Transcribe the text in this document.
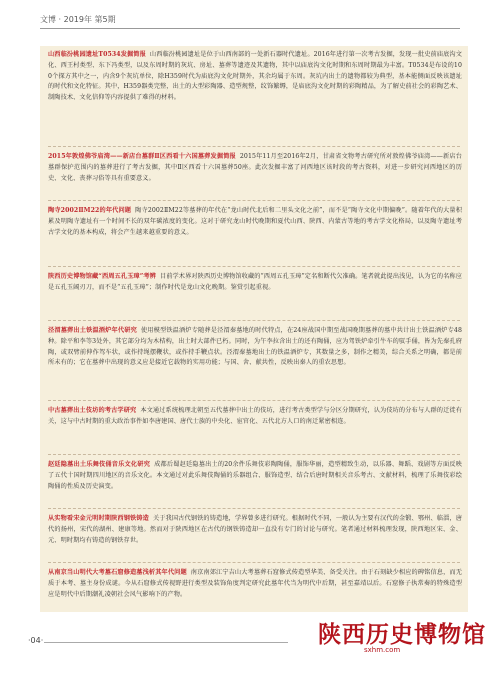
文博 · 2019年 第5期
山西临汾桃园遗址T0534发掘简报 山西临汾桃园遗址是位于山西南部的一处新石器时代遗址。2016年进行第一次考古发掘，发现一批史前庙底沟文化、西王村类型、东下冯类型，以及东周时期的灰坑、房址、墓葬等遗迹及其遗物，其中以庙底沟文化时期和东周时期最为丰富。T0534是布设的100个探方其中之一，内含9个灰坑单位，除H359时代为庙底沟文化时期外，其余均属于东周。灰坑内出土的遗物都较为典型，基本能侧面反映该遗址的时代和文化特征。其中，H359器类完整，出土的大型彩陶器、造型规整，纹饰繁缛，是庙底沟文化时期的彩陶精品，为了解史前社会的彩陶艺术、制陶技术、文化信仰等内容提供了难得的材料。
2015年敦煌佛爷庙湾——新店台墓群Ⅱ区西看十六国墓葬发掘简报 2015年11月至2016年2月，甘肃省文物考古研究所对敦煌佛爷庙湾——新店台墓群保护范围内的墓葬进行了考古发掘，其中Ⅱ区西看十六国墓葬50座。此次发掘丰富了河西地区该时段的考古资料，对进一步研究河西地区的历史、文化、丧葬习俗等具有重要意义。
陶寺2002ⅡM22的年代问题 陶寺2002ⅡM22等墓葬的年代在“龙山时代北后和二里头文化之前”，而不是“陶寺文化中期偏晚”。随着年代的大量积累及明陶寺遗址有一个时间不长的双年碳浓度的变化。这对于研究龙山时代晚期和夏代山西、陕西、内蒙古等地的考古学文化格局，以及陶寺遗址考古学文化的基本构成，将会产生越来越重要的意义。
陕西历史博物馆藏“西周五孔玉璋”考辨 目前学术界对陕西历史博物馆收藏的“西周五孔玉璋”定名和断代欠准确。笔者就此提出浅见，认为它的名称应是五孔玉阔刃刀，而不是“五孔玉璋”；制作时代是龙山文化晚期。鉴赏引起重视。
泾渭墓葬出土铁温酒炉年代研究 使用模型铁温酒炉专随葬是泾渭秦墓地的时代特点，在24座战国中期至战国晚期墓葬的墓中共计出土铁温酒炉专48种。除平和李等3处外，其它部分均为木桔构，出土时大部件已朽。同时，为午李拉含出土的还有陶俑，应为驾铁炉牵引牛车的驭手俑，皆为先秦孔府陶，或双臂前伸作驾车状，或作持绳摆鞭状，或作持手鞭点状。泾渭秦墓地出土的铁温酒炉专，其数量之多，制作之精美，综合关系之明确，都是前所未有的；它在墓葬中出现的意义应是接近它载物的实用功能；与国、舍、献共性，反映出秦人的重农思想。
中古墓葬出土伎坊的考古学研究 本文通过系统梳理北朝至五代墓葬中出土的伎坊，进行考古类型学与分区分期研究，认为伎坊的分布与人群的迁徙有关，这与中古时期的重大政治事件如李唐建国、唐代士族的中央化、宦官化、五代北方人口的南迁紧密相连。
赵廷隐墓出土乐舞伎俑音乐文化研究 成都后蜀赵廷隐墓出土的20余件乐舞伎彩陶陶俑，服饰华丽，造型精致生动，以乐器、舞蹈、戏剧等方面反映了五代十国时期四川地区的音乐文化。本文通过对此乐舞伎陶俑的乐器组合、服饰造型、结合后唐时期相关音乐考古、文献材料，梳理了乐舞伎彩绘陶俑的性质及历史演变。
从实物看宋金元明时期陕西钢铁铸造 关于我国古代钢铁的铸造地，学界曾多进行研究。根据时代不同，一般认为主要有汉代的金锻、鄂州、临淄，唐代的扬州，宋代的湖州、建康等地。然而对于陕西地区在古代的钢铁铸造却一直没有专门的讨论与研究。笔者通过材料梳理发现，陕西地区宋、金、元、明时期均有铸造的钢铁存世。
从南京当山明代大考墓石窟修造墓浅析其年代问题 南京南郊江宁吉山大考墓葬石窟修式传造型华美、备受关注。由于石刻缺少相应的碑铭信息，而无质于本考、墓主身份成谜。今从石窟修式传视野进行类型及装饰角度判定研究此墓年代当为明代中后期，甚至嘉靖以后。石窟修子执常奏的特殊造型应是明代中后期潮礼凌朝社会风气影响下的产物。
·04·	陕西历史博物馆
sxhm.com
